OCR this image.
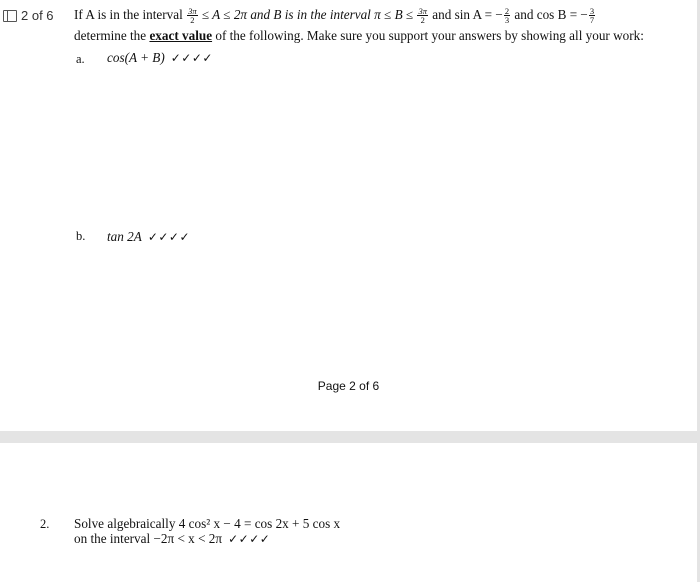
2 of 6 If A is in the interval $\frac{3\pi}{2} \le A \le 2\pi$ and B is in the interval $\pi \le B \le \frac{3\pi}{2}$ and sin A = − $\frac{2}{3}$ and cos B = − $\frac{3}{7}$
determine the exact value of the following. Make sure you support your answers by showing all your work:
a. cos(A + B) ✓✓✓✓
b. tan 2A ✓✓✓✓
Page 2 of 6
2. Solve algebraically 4 cos² x − 4 = cos 2x + 5 cos x
on the interval −2π < x < 2π ✓✓✓✓
